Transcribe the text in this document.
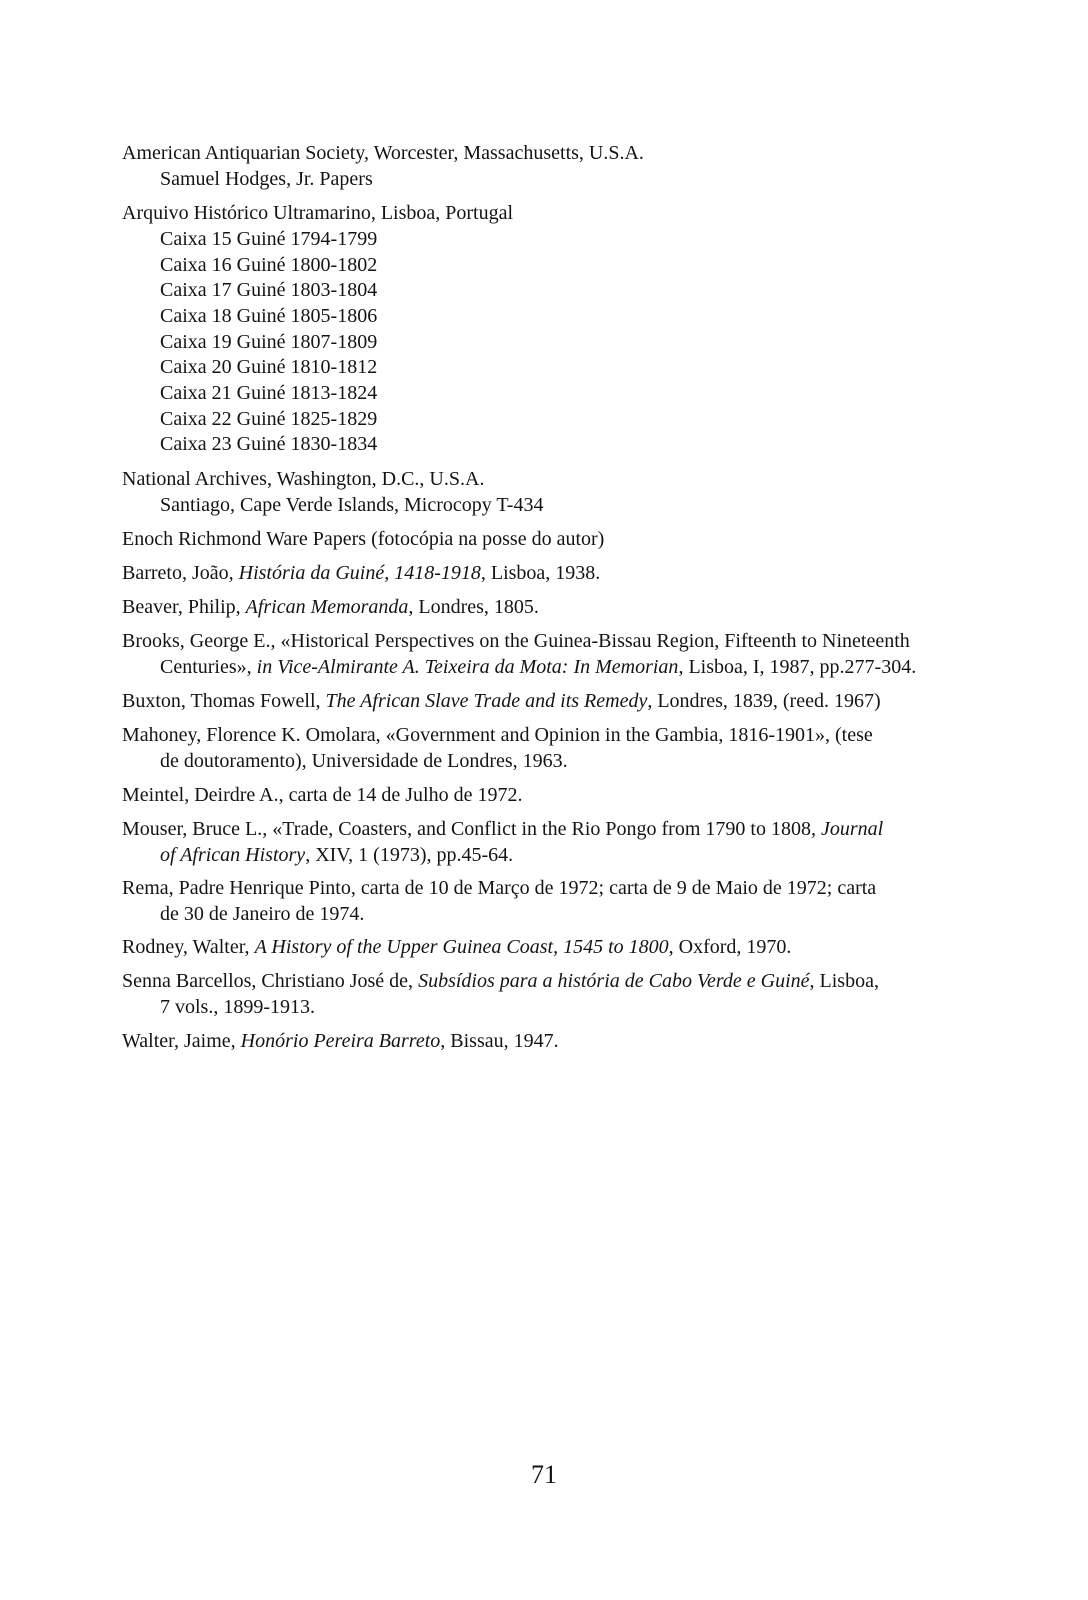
American Antiquarian Society, Worcester, Massachusetts, U.S.A.
Samuel Hodges, Jr. Papers
Arquivo Histórico Ultramarino, Lisboa, Portugal
Caixa 15 Guiné 1794-1799
Caixa 16 Guiné 1800-1802
Caixa 17 Guiné 1803-1804
Caixa 18 Guiné 1805-1806
Caixa 19 Guiné 1807-1809
Caixa 20 Guiné 1810-1812
Caixa 21 Guiné 1813-1824
Caixa 22 Guiné 1825-1829
Caixa 23 Guiné 1830-1834
National Archives, Washington, D.C., U.S.A.
Santiago, Cape Verde Islands, Microcopy T-434
Enoch Richmond Ware Papers (fotocópia na posse do autor)
Barreto, João, História da Guiné, 1418-1918, Lisboa, 1938.
Beaver, Philip, African Memoranda, Londres, 1805.
Brooks, George E., «Historical Perspectives on the Guinea-Bissau Region, Fifteenth to Nineteenth
Centuries», in Vice-Almirante A. Teixeira da Mota: In Memorian, Lisboa, I, 1987, pp.277-304.
Buxton, Thomas Fowell, The African Slave Trade and its Remedy, Londres, 1839, (reed. 1967)
Mahoney, Florence K. Omolara, «Government and Opinion in the Gambia, 1816-1901», (tese
de doutoramento), Universidade de Londres, 1963.
Meintel, Deirdre A., carta de 14 de Julho de 1972.
Mouser, Bruce L., «Trade, Coasters, and Conflict in the Rio Pongo from 1790 to 1808, Journal
of African History, XIV, 1 (1973), pp.45-64.
Rema, Padre Henrique Pinto, carta de 10 de Março de 1972; carta de 9 de Maio de 1972; carta
de 30 de Janeiro de 1974.
Rodney, Walter, A History of the Upper Guinea Coast, 1545 to 1800, Oxford, 1970.
Senna Barcellos, Christiano José de, Subsídios para a história de Cabo Verde e Guiné, Lisboa,
7 vols., 1899-1913.
Walter, Jaime, Honório Pereira Barreto, Bissau, 1947.
71
